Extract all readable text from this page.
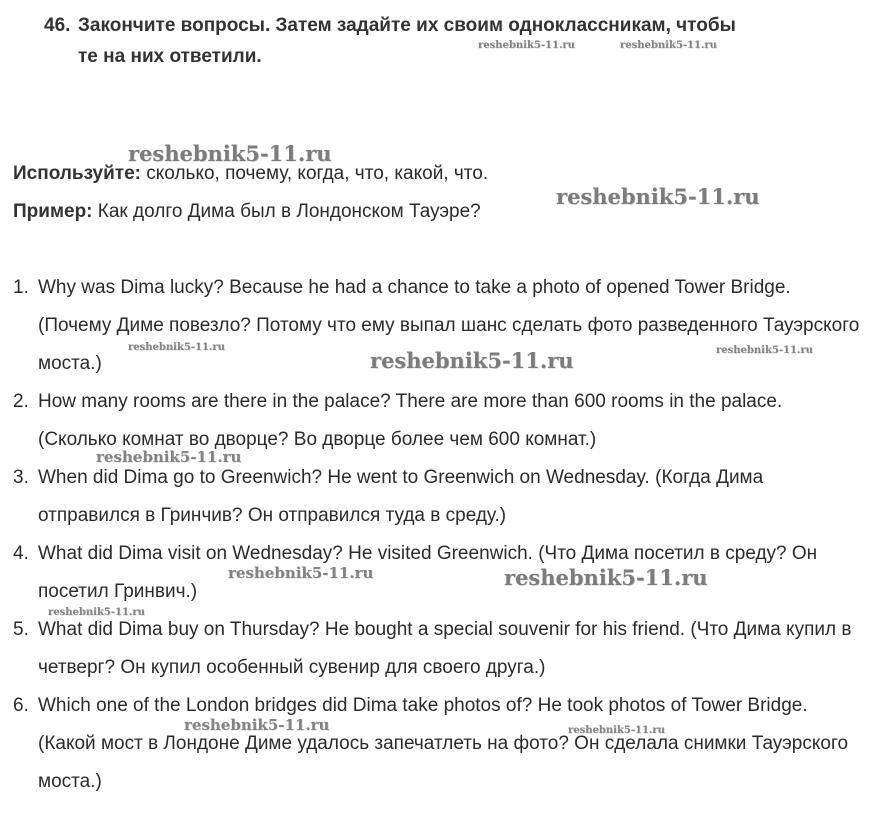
46. Закончите вопросы. Затем задайте их своим одноклассникам, чтобы
те на них ответили.
Используйте: сколько, почему, когда, что, какой, что.
Пример: Как долго Дима был в Лондонском Тауэре?
1. Why was Dima lucky? Because he had a chance to take a photo of opened Tower Bridge. (Почему Диме повезло? Потому что ему выпал шанс сделать фото разведенного Тауэрского моста.)
2. How many rooms are there in the palace? There are more than 600 rooms in the palace. (Сколько комнат во дворце? Во дворце более чем 600 комнат.)
3. When did Dima go to Greenwich? He went to Greenwich on Wednesday. (Когда Дима отправился в Гринчив? Он отправился туда в среду.)
4. What did Dima visit on Wednesday? He visited Greenwich. (Что Дима посетил в среду? Он посетил Гринвич.)
5. What did Dima buy on Thursday? He bought a special souvenir for his friend. (Что Дима купил в четверг? Он купил особенный сувенир для своего друга.)
6. Which one of the London bridges did Dima take photos of? He took photos of Tower Bridge. (Какой мост в Лондоне Диме удалось запечатлеть на фото? Он сделала снимки Тауэрского моста.)
reshebnik5-11.ru	reshebnik5-11.ru
reshebnik5-11.ru
reshebnik5-11.ru
reshebnik5-11.ru
reshebnik5-11.ru	reshebnik5-11.ru
reshebnik5-11.ru
reshebnik5-11.ru	reshebnik5-11.ru
reshebnik5-11.ru
reshebnik5-11.ru	reshebnik5-11.ru
